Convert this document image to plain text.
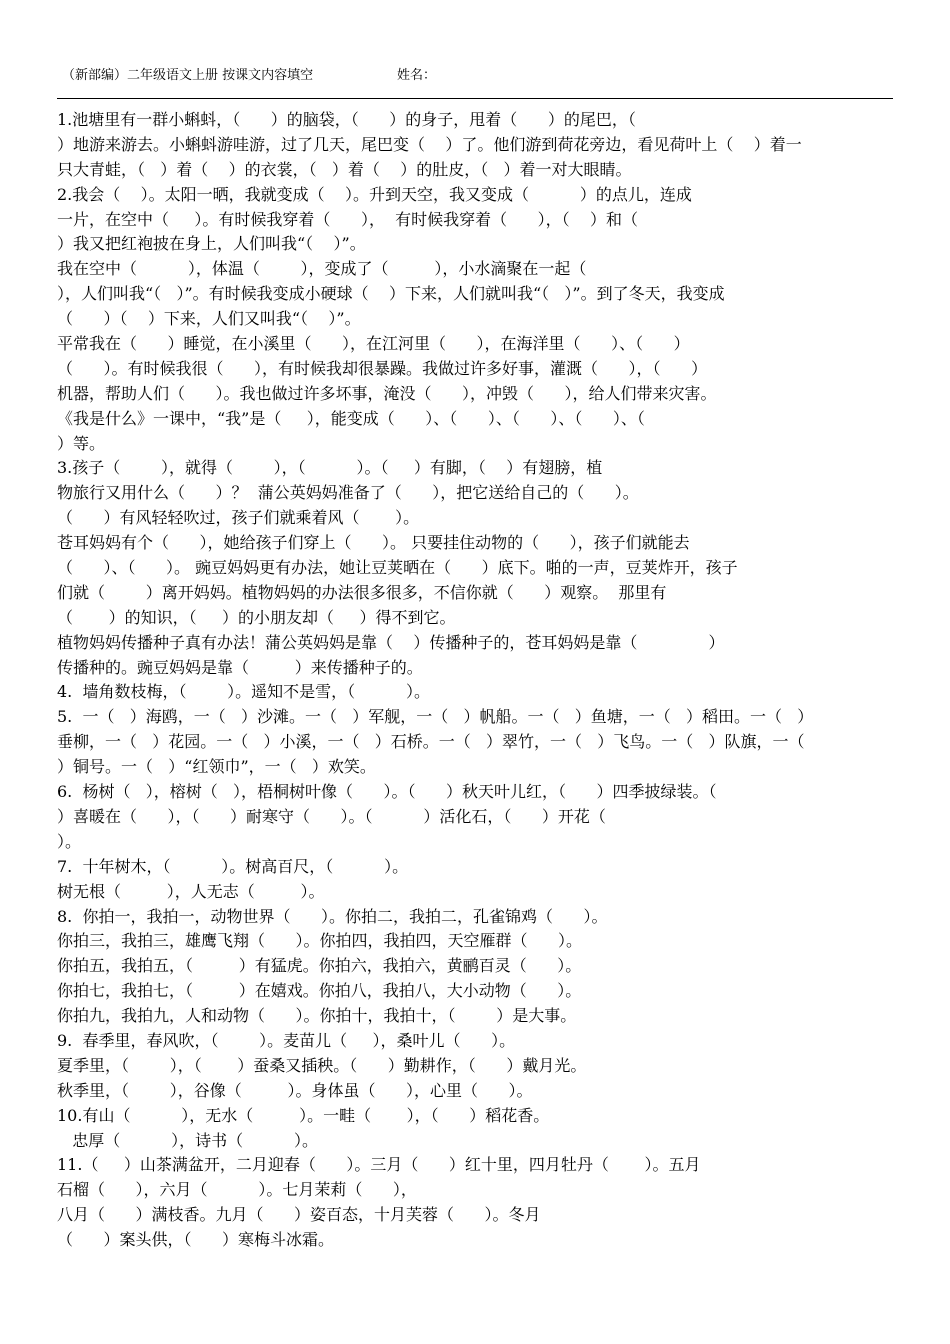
（新部编）二年级语文上册 按课文内容填空	姓名：
1.池塘里有一群小蝌蚪，（      ）的脑袋，（      ）的身子，甩着（      ）的尾巴，（
）地游来游去。小蝌蚪游哇游，过了几天，尾巴变（    ）了。他们游到荷花旁边，看见荷叶上（    ）着一
只大青蛙，（   ）着（    ）的衣裳，（   ）着（    ）的肚皮，（   ）着一对大眼睛。
2.我会（    ）。太阳一晒，我就变成（    ）。升到天空，我又变成（          ）的点儿，连成
一片，在空中（     ）。有时候我穿着（      ），  有时候我穿着（      ），（    ）和（
）我又把红袍披在身上，人们叫我“（    ）”。
我在空中（          ），体温（        ），变成了（         ），小水滴聚在一起（
），人们叫我“（   ）”。有时候我变成小硬球（    ）下来，人们就叫我“（   ）”。到了冬天，我变成
（      ）（    ）下来，人们又叫我“（    ）”。
平常我在（      ）睡觉，在小溪里（      ），在江河里（      ），在海洋里（      ）、（      ）
（      ）。有时候我很（      ），有时候我却很暴躁。我做过许多好事，灌溉（      ），（      ）
机器，帮助人们（      ）。我也做过许多坏事，淹没（      ），冲毁（      ），给人们带来灾害。
《我是什么》一课中，“我”是（     ），能变成（      ）、（      ）、（      ）、（      ）、（
）等。
3.孩子（        ），就得（        ），（          ）。（     ）有脚，（    ）有翅膀，植
物旅行又用什么（      ）？  蒲公英妈妈准备了（      ），把它送给自己的（      ）。
（      ）有风轻轻吹过，孩子们就乘着风（       ）。
苍耳妈妈有个（      ），她给孩子们穿上（      ）。 只要挂住动物的（      ），孩子们就能去
（      ）、（      ）。 豌豆妈妈更有办法，她让豆荚晒在（      ）底下。啪的一声，豆荚炸开，孩子
们就（        ）离开妈妈。植物妈妈的办法很多很多，不信你就（      ）观察。  那里有
（       ）的知识，（     ）的小朋友却（     ）得不到它。
植物妈妈传播种子真有办法！蒲公英妈妈是靠（    ）传播种子的，苍耳妈妈是靠（              ）
传播种的。豌豆妈妈是靠（         ）来传播种子的。
4.  墙角数枝梅，（        ）。遥知不是雪，（          ）。
5.  一（   ）海鸥，一（   ）沙滩。一（   ）军舰，一（   ）帆船。一（   ）鱼塘，一（   ）稻田。一（   ）
垂柳，一（   ）花园。一（   ）小溪，一（   ）石桥。一（   ）翠竹，一（   ）飞鸟。一（   ）队旗，一（
）铜号。一（   ）“红领巾”，一（   ）欢笑。
6.  杨树（   ），榕树（   ），梧桐树叶像（      ）。（      ）秋天叶儿红，（      ）四季披绿装。（
）喜暖在（      ），（      ）耐寒守（      ）。（          ）活化石，（      ）开花（
）。
7.  十年树木，（          ）。树高百尺，（          ）。
树无根（         ），人无志（         ）。
8.  你拍一，我拍一，动物世界（      ）。你拍二，我拍二，孔雀锦鸡（      ）。
你拍三，我拍三，雄鹰飞翔（      ）。你拍四，我拍四，天空雁群（      ）。
你拍五，我拍五，（         ）有猛虎。你拍六，我拍六，黄鹂百灵（      ）。
你拍七，我拍七，（         ）在嬉戏。你拍八，我拍八，大小动物（      ）。
你拍九，我拍九，人和动物（      ）。你拍十，我拍十，（        ）是大事。
9.  春季里，春风吹，（        ）。麦苗儿（     ），桑叶儿（      ）。
夏季里，（        ），（       ）蚕桑又插秧。（      ）勤耕作，（      ）戴月光。
秋季里，（        ），谷像（         ）。身体虽（      ），心里（      ）。
10.有山（          ），无水（         ）。一畦（       ），（      ）稻花香。
忠厚（          ），诗书（          ）。
11.（     ）山茶满盆开，二月迎春（      ）。三月（      ）红十里，四月牡丹（       ）。五月
石榴（      ），六月（          ）。七月茉莉（      ），
八月（      ）满枝香。九月（      ）姿百态，十月芙蓉（      ）。冬月
（      ）案头供，（      ）寒梅斗冰霜。
